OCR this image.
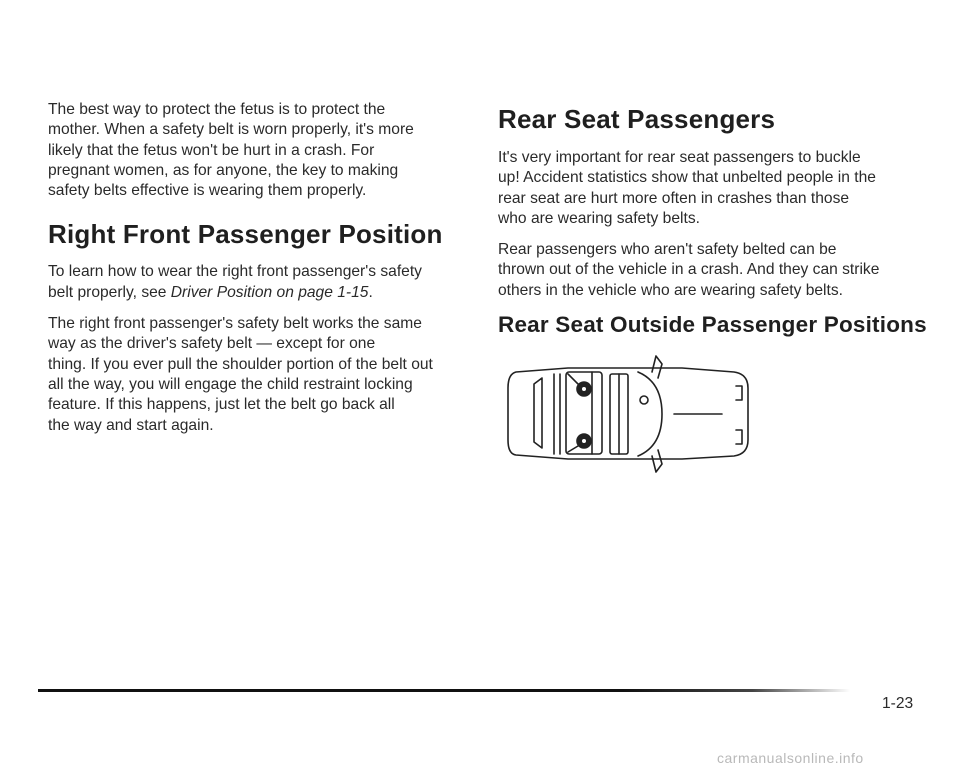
The best way to protect the fetus is to protect the
mother. When a safety belt is worn properly, it's more
likely that the fetus won't be hurt in a crash. For
pregnant women, as for anyone, the key to making
safety belts effective is wearing them properly.

Right Front Passenger Position

To learn how to wear the right front passenger's safety
belt properly, see Driver Position on page 1-15.

The right front passenger's safety belt works the same
way as the driver's safety belt — except for one
thing. If you ever pull the shoulder portion of the belt out
all the way, you will engage the child restraint locking
feature. If this happens, just let the belt go back all
the way and start again.

Rear Seat Passengers

It's very important for rear seat passengers to buckle
up! Accident statistics show that unbelted people in the
rear seat are hurt more often in crashes than those
who are wearing safety belts.

Rear passengers who aren't safety belted can be
thrown out of the vehicle in a crash. And they can strike
others in the vehicle who are wearing safety belts.

Rear Seat Outside Passenger Positions
1-23
carmanualsonline.info
